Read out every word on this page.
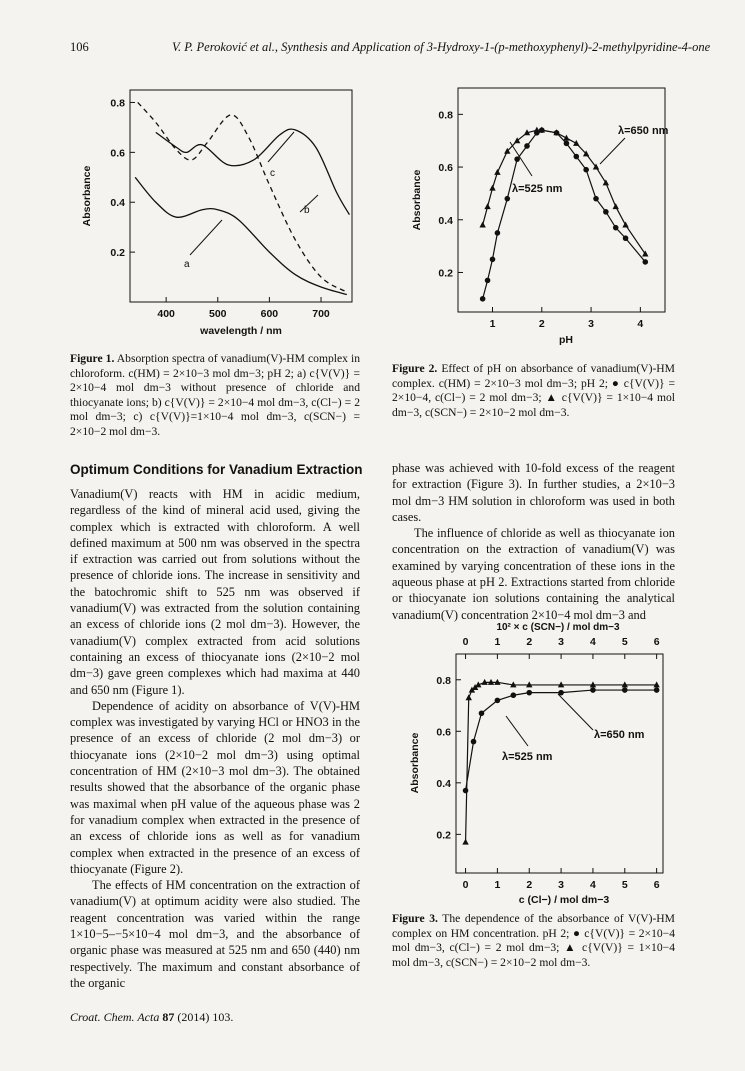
106	V. P. Peroković et al., Synthesis and Application of 3-Hydroxy-1-(p-methoxyphenyl)-2-methylpyridine-4-one
400	500	600	700
0.2
0.4
0.6
0.8
Absorbance
wavelength / nm
a
b
c
Figure 1. Absorption spectra of vanadium(V)-HM complex in chloroform. c(HM) = 2×10−3 mol dm−3; pH 2; a) c{V(V)} = 2×10−4 mol dm−3 without presence of chloride and thiocyanate ions; b) c{V(V)} = 2×10−4 mol dm−3, c(Cl−) = 2 mol dm−3; c) c{V(V)}=1×10−4 mol dm−3, c(SCN−) = 2×10−2 mol dm−3.
1	2	3	4
0.2
0.4
0.6
0.8
Absorbance
pH
λ=650 nm
λ=525 nm
Figure 2. Effect of pH on absorbance of vanadium(V)-HM complex. c(HM) = 2×10−3 mol dm−3; pH 2; ● c{V(V)} = 2×10−4, c(Cl−) = 2 mol dm−3; ▲ c{V(V)} = 1×10−4 mol dm−3, c(SCN−) = 2×10−2 mol dm−3.
Optimum Conditions for Vanadium Extraction

Vanadium(V) reacts with HM in acidic medium, regardless of the kind of mineral acid used, giving the complex which is extracted with chloroform. A well defined maximum at 500 nm was observed in the spectra if extraction was carried out from solutions without the presence of chloride ions. The increase in sensitivity and the batochromic shift to 525 nm was observed if vanadium(V) was extracted from the solution containing an excess of chloride ions (2 mol dm−3). However, the vanadium(V) complex extracted from acid solutions containing an excess of thiocyanate ions (2×10−2 mol dm−3) gave green complexes which had maxima at 440 and 650 nm (Figure 1).

Dependence of acidity on absorbance of V(V)-HM complex was investigated by varying HCl or HNO3 in the presence of an excess of chloride (2 mol dm−3) or thiocyanate ions (2×10−2 mol dm−3) using optimal concentration of HM (2×10−3 mol dm−3). The obtained results showed that the absorbance of the organic phase was maximal when pH value of the aqueous phase was 2 for vanadium complex when extracted in the presence of an excess of chloride ions as well as for vanadium complex when extracted in the presence of an excess of thiocyanate (Figure 2).

The effects of HM concentration on the extraction of vanadium(V) at optimum acidity were also studied. The reagent concentration was varied within the range 1×10−5–−5×10−4 mol dm−3, and the absorbance of organic phase was measured at 525 nm and 650 (440) nm respectively. The maximum and constant absorbance of the organic

phase was achieved with 10-fold excess of the reagent for extraction (Figure 3). In further studies, a 2×10−3 mol dm−3 HM solution in chloroform was used in both cases.

The influence of chloride as well as thiocyanate ion concentration on the extraction of vanadium(V) was examined by varying concentration of these ions in the aqueous phase at pH 2. Extractions started from chloride or thiocyanate ion solutions containing the analytical vanadium(V) concentration 2×10−4 mol dm−3 and

0 1 2 3 4 5 6
0.2
0.4
0.6
0.8
10² × c (SCN−) / mol dm−3
0 1 2 3 4 5 6
Absorbance
c (Cl−) / mol dm−3
λ=650 nm
λ=525 nm
Figure 3. The dependence of the absorbance of V(V)-HM complex on HM concentration. pH 2; ● c{V(V)} = 2×10−4 mol dm−3, c(Cl−) = 2 mol dm−3; ▲ c{V(V)} = 1×10−4 mol dm−3, c(SCN−) = 2×10−2 mol dm−3.
Croat. Chem. Acta 87 (2014) 103.
